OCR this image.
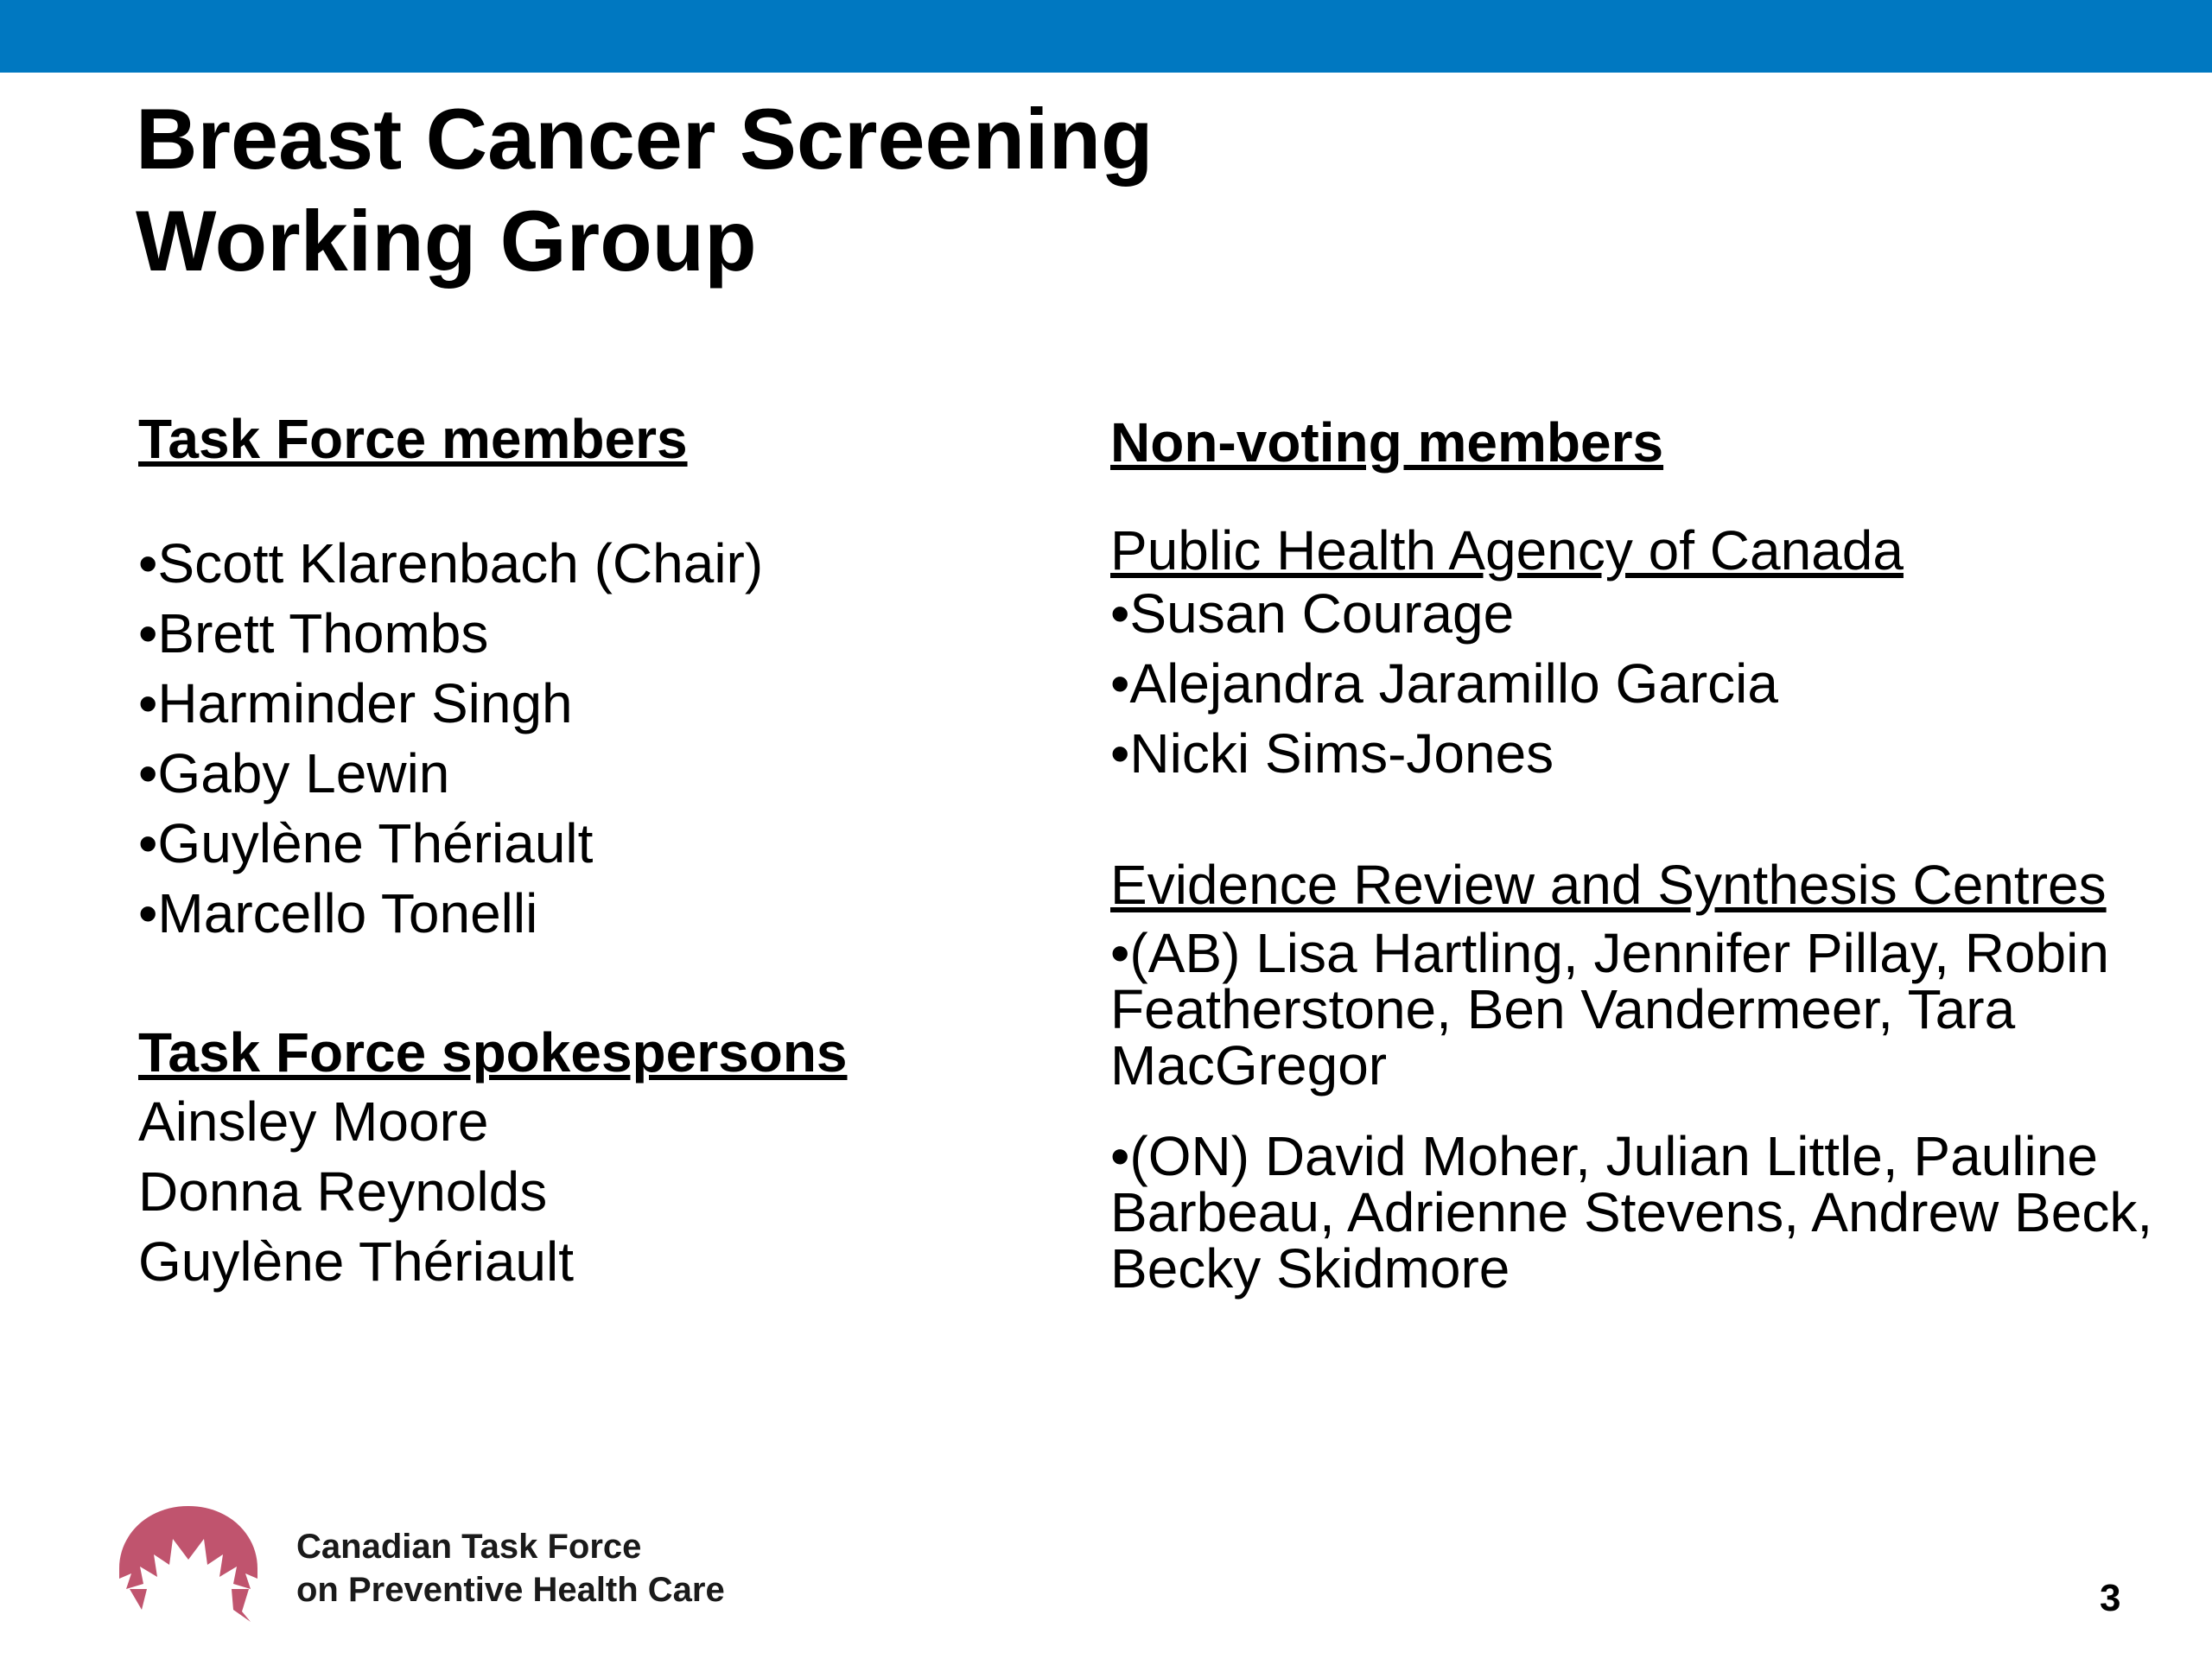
Breast Cancer Screening
Working Group

Task Force members

•Scott Klarenbach (Chair)

•Brett Thombs

•Harminder Singh

•Gaby Lewin

•Guylène Thériault

•Marcello Tonelli

Task Force spokespersons

Ainsley Moore

Donna Reynolds

Guylène Thériault

Non-voting members

Public Health Agency of Canada

•Susan Courage

•Alejandra Jaramillo Garcia

•Nicki Sims-Jones

Evidence Review and Synthesis Centres

•(AB) Lisa Hartling, Jennifer Pillay, Robin Featherstone, Ben Vandermeer, Tara MacGregor

•(ON) David Moher, Julian Little, Pauline Barbeau, Adrienne Stevens, Andrew Beck, Becky Skidmore

Canadian Task Force
on Preventive Health Care	3
